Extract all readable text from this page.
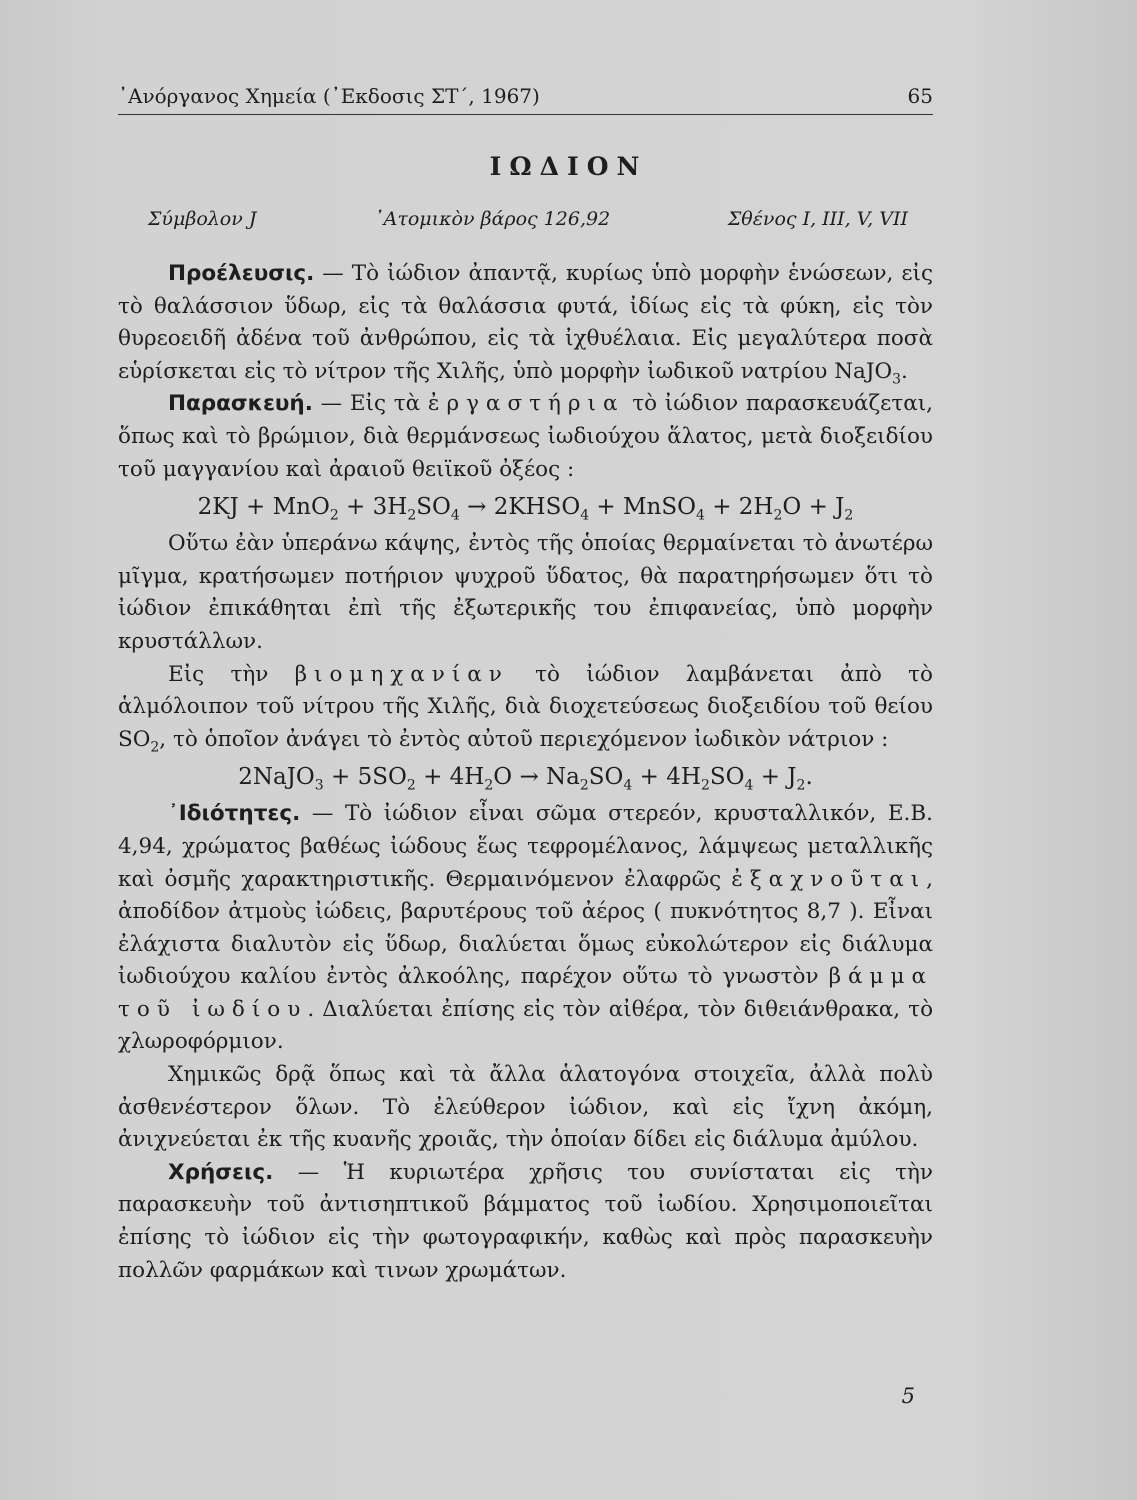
᾿Ανόργανος Χημεία (᾿Εκδοσις ΣΤ΄, 1967)	65
ΙΩΔΙΟΝ
Σύμβολον J	᾿Ατομικὸν βάρος 126,92	Σθένος Ι, ΙΙΙ, V, VII

Προέλευσις. — Τὸ ἰώδιον ἀπαντᾷ, κυρίως ὑπὸ μορφὴν ἑνώσεων, εἰς τὸ θαλάσσιον ὕδωρ, εἰς τὰ θαλάσσια φυτά, ἰδίως εἰς τὰ φύκη, εἰς τὸν θυρεοειδῆ ἀδένα τοῦ ἀνθρώπου, εἰς τὰ ἰχθυέλαια. Εἰς μεγαλύτερα ποσὰ εὑρίσκεται εἰς τὸ νίτρον τῆς Χιλῆς, ὑπὸ μορφὴν ἰωδικοῦ νατρίου NaJO$_3$.

Παρασκευή. — Εἰς τὰ ἐργαστήρια τὸ ἰώδιον παρασκευάζεται, ὅπως καὶ τὸ βρώμιον, διὰ θερμάνσεως ἰωδιούχου ἅλατος, μετὰ διοξειδίου τοῦ μαγγανίου καὶ ἀραιοῦ θειϊκοῦ ὀξέος :

$2KJ + MnO_2 + 3H_2SO_4$ → $2KHSO_4$ + MnSO$_4$ + $2H_2O + J_2$

Οὕτω ἐὰν ὑπεράνω κάψης, ἐντὸς τῆς ὁποίας θερμαίνεται τὸ ἀνωτέρω μῖγμα, κρατήσωμεν ποτήριον ψυχροῦ ὕδατος, θὰ παρατηρήσωμεν ὅτι τὸ ἰώδιον ἐπικάθηται ἐπὶ τῆς ἐξωτερικῆς του ἐπιφανείας, ὑπὸ μορφὴν κρυστάλλων.

Εἰς τὴν βιομηχανίαν τὸ ἰώδιον λαμβάνεται ἀπὸ τὸ ἁλμόλοιπον τοῦ νίτρου τῆς Χιλῆς, διὰ διοχετεύσεως διοξειδίου τοῦ θείου $SO_2$, τὸ ὁποῖον ἀνάγει τὸ ἐντὸς αὐτοῦ περιεχόμενον ἰωδικὸν νάτριον :

2NaJO$_3$ + $5SO_2 + 4H_2O \to Na_2SO_4 + 4H_2SO_4 + J_2$.

᾿Ιδιότητες. — Τὸ ἰώδιον εἶναι σῶμα στερεόν, κρυσταλλικόν, Ε.Β. 4,94, χρώματος βαθέως ἰώδους ἕως τεφρομέλανος, λάμψεως μεταλλικῆς καὶ ὀσμῆς χαρακτηριστικῆς. Θερμαινόμενον ἐλαφρῶς ἐξαχνοῦται, ἀποδίδον ἀτμοὺς ἰώδεις, βαρυτέρους τοῦ ἀέρος ( πυκνότητος 8,7 ). Εἶναι ἐλάχιστα διαλυτὸν εἰς ὕδωρ, διαλύεται ὅμως εὐκολώτερον εἰς διάλυμα ἰωδιούχου καλίου ἐντὸς ἀλκοόλης, παρέχον οὕτω τὸ γνωστὸν βάμμα τοῦ ἰωδίου. Διαλύεται ἐπίσης εἰς τὸν αἰθέρα, τὸν διθειάνθρακα, τὸ χλωροφόρμιον.

Χημικῶς δρᾷ ὅπως καὶ τὰ ἄλλα ἁλατογόνα στοιχεῖα, ἀλλὰ πολὺ ἀσθενέστερον ὅλων. Τὸ ἐλεύθερον ἰώδιον, καὶ εἰς ἴχνη ἀκόμη, ἀνιχνεύεται ἐκ τῆς κυανῆς χροιᾶς, τὴν ὁποίαν δίδει εἰς διάλυμα ἀμύλου.

Χρήσεις. — Ἡ κυριωτέρα χρῆσις του συνίσταται εἰς τὴν παρασκευὴν τοῦ ἀντισηπτικοῦ βάμματος τοῦ ἰωδίου. Χρησιμοποιεῖται ἐπίσης τὸ ἰώδιον εἰς τὴν φωτογραφικήν, καθὼς καὶ πρὸς παρασκευὴν πολλῶν φαρμάκων καὶ τινων χρωμάτων.

5
